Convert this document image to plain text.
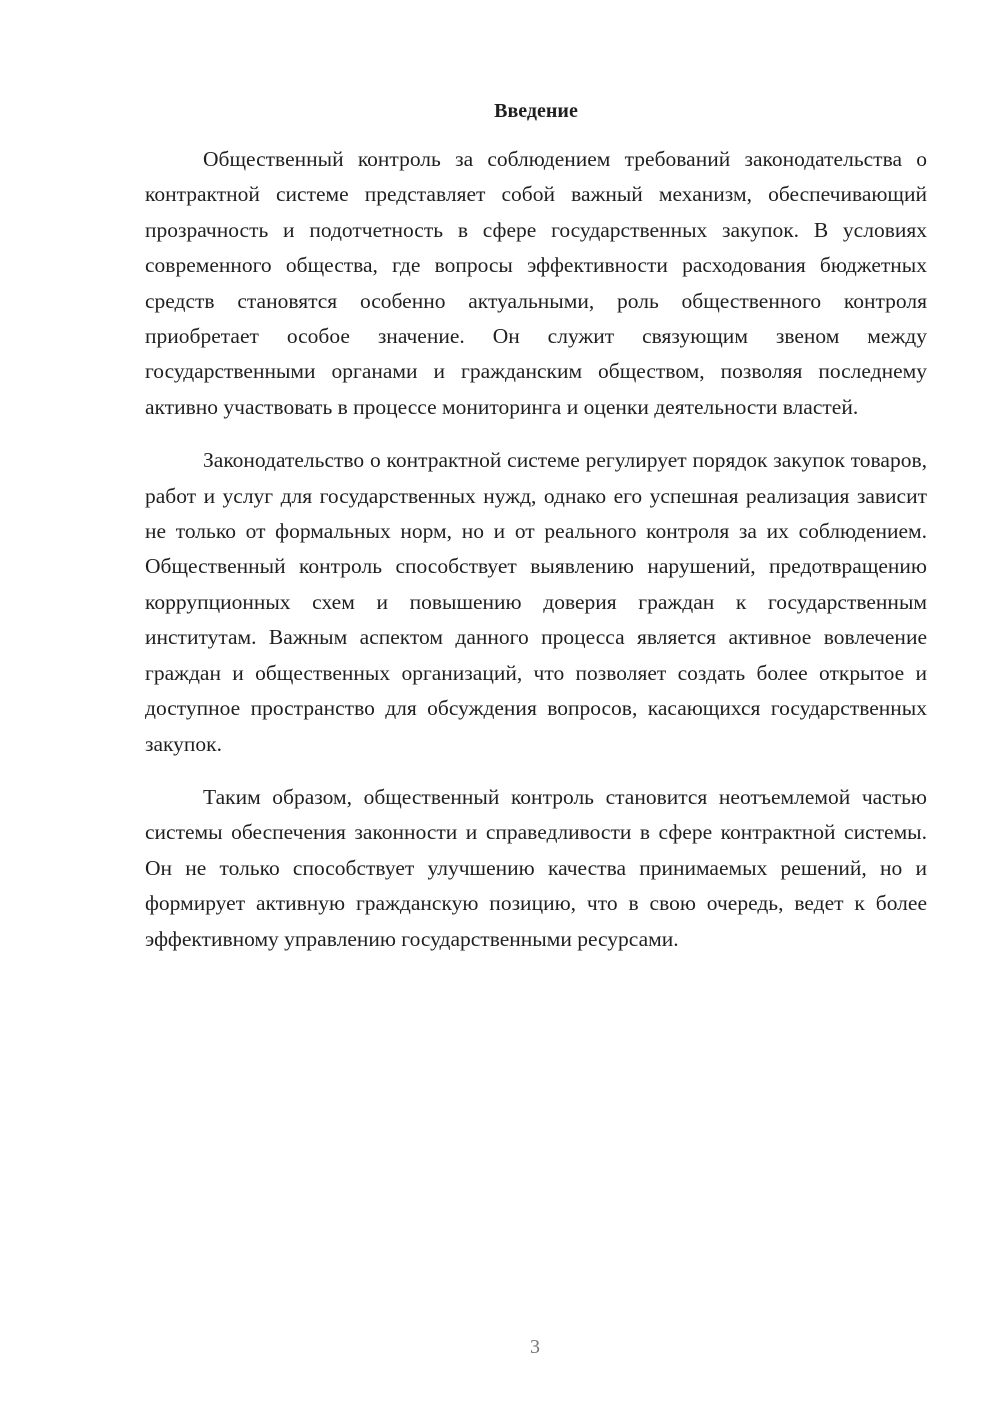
Введение

Общественный контроль за соблюдением требований законодательства о контрактной системе представляет собой важный механизм, обеспечивающий прозрачность и подотчетность в сфере государственных закупок. В условиях современного общества, где вопросы эффективности расходования бюджетных средств становятся особенно актуальными, роль общественного контроля приобретает особое значение. Он служит связующим звеном между государственными органами и гражданским обществом, позволяя последнему активно участвовать в процессе мониторинга и оценки деятельности властей.

Законодательство о контрактной системе регулирует порядок закупок товаров, работ и услуг для государственных нужд, однако его успешная реализация зависит не только от формальных норм, но и от реального контроля за их соблюдением. Общественный контроль способствует выявлению нарушений, предотвращению коррупционных схем и повышению доверия граждан к государственным институтам. Важным аспектом данного процесса является активное вовлечение граждан и общественных организаций, что позволяет создать более открытое и доступное пространство для обсуждения вопросов, касающихся государственных закупок.

Таким образом, общественный контроль становится неотъемлемой частью системы обеспечения законности и справедливости в сфере контрактной системы. Он не только способствует улучшению качества принимаемых решений, но и формирует активную гражданскую позицию, что в свою очередь, ведет к более эффективному управлению государственными ресурсами.

3
